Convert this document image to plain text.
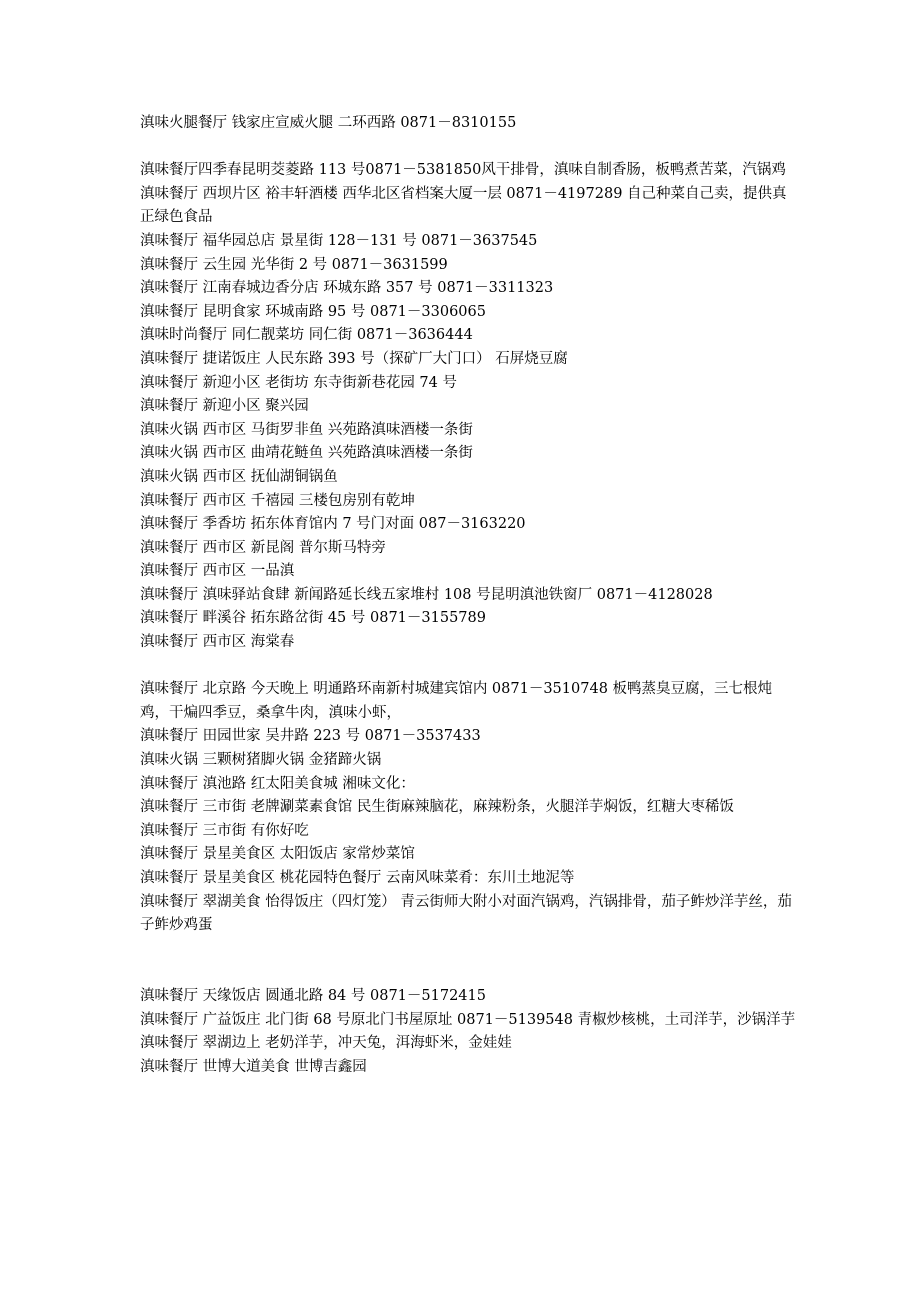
滇味火腿餐厅 钱家庄宣威火腿 二环西路 0871－8310155

滇味餐厅四季春昆明茭菱路 113 号0871－5381850风干排骨，滇味自制香肠，板鸭煮苦菜，汽锅鸡

滇味餐厅 西坝片区 裕丰轩酒楼 西华北区省档案大厦一层 0871－4197289 自己种菜自己卖，提供真正绿色食品

滇味餐厅 福华园总店 景星街 128－131 号 0871－3637545

滇味餐厅 云生园 光华街 2 号 0871－3631599

滇味餐厅 江南春城边香分店 环城东路 357 号 0871－3311323

滇味餐厅 昆明食家 环城南路 95 号 0871－3306065

滇味时尚餐厅 同仁靓菜坊 同仁街 0871－3636444

滇味餐厅 捷诺饭庄 人民东路 393 号（探矿厂大门口） 石屏烧豆腐

滇味餐厅 新迎小区 老街坊 东寺街新巷花园 74 号

滇味餐厅 新迎小区 聚兴园

滇味火锅 西市区 马街罗非鱼 兴苑路滇味酒楼一条街

滇味火锅 西市区 曲靖花鲢鱼 兴苑路滇味酒楼一条街

滇味火锅 西市区 抚仙湖铜锅鱼

滇味餐厅 西市区 千禧园 三楼包房别有乾坤

滇味餐厅 季香坊 拓东体育馆内 7 号门对面 087－3163220

滇味餐厅 西市区 新昆阁 普尔斯马特旁

滇味餐厅 西市区 一品滇

滇味餐厅 滇味驿站食肆 新闻路延长线五家堆村 108 号昆明滇池铁窗厂 0871－4128028

滇味餐厅 畔溪谷 拓东路岔街 45 号 0871－3155789

滇味餐厅 西市区 海棠春

滇味餐厅 北京路 今天晚上 明通路环南新村城建宾馆内 0871－3510748 板鸭蒸臭豆腐，三七根炖鸡，干煸四季豆，桑拿牛肉，滇味小虾，

滇味餐厅 田园世家 吴井路 223 号 0871－3537433

滇味火锅 三颗树猪脚火锅 金猪蹄火锅

滇味餐厅 滇池路 红太阳美食城 湘味文化：

滇味餐厅 三市街 老牌涮菜素食馆 民生街麻辣脑花，麻辣粉条，火腿洋芋焖饭，红糖大枣稀饭

滇味餐厅 三市街 有你好吃

滇味餐厅 景星美食区 太阳饭店 家常炒菜馆

滇味餐厅 景星美食区 桃花园特色餐厅 云南风味菜肴：东川土地泥等

滇味餐厅 翠湖美食 怡得饭庄（四灯笼） 青云街师大附小对面汽锅鸡，汽锅排骨，茄子鲊炒洋芋丝，茄子鲊炒鸡蛋

滇味餐厅 天缘饭店 圆通北路 84 号 0871－5172415

滇味餐厅 广益饭庄 北门街 68 号原北门书屋原址 0871－5139548 青椒炒核桃，土司洋芋，沙锅洋芋

滇味餐厅 翠湖边上 老奶洋芋，冲天兔，洱海虾米，金娃娃

滇味餐厅 世博大道美食 世博吉鑫园
